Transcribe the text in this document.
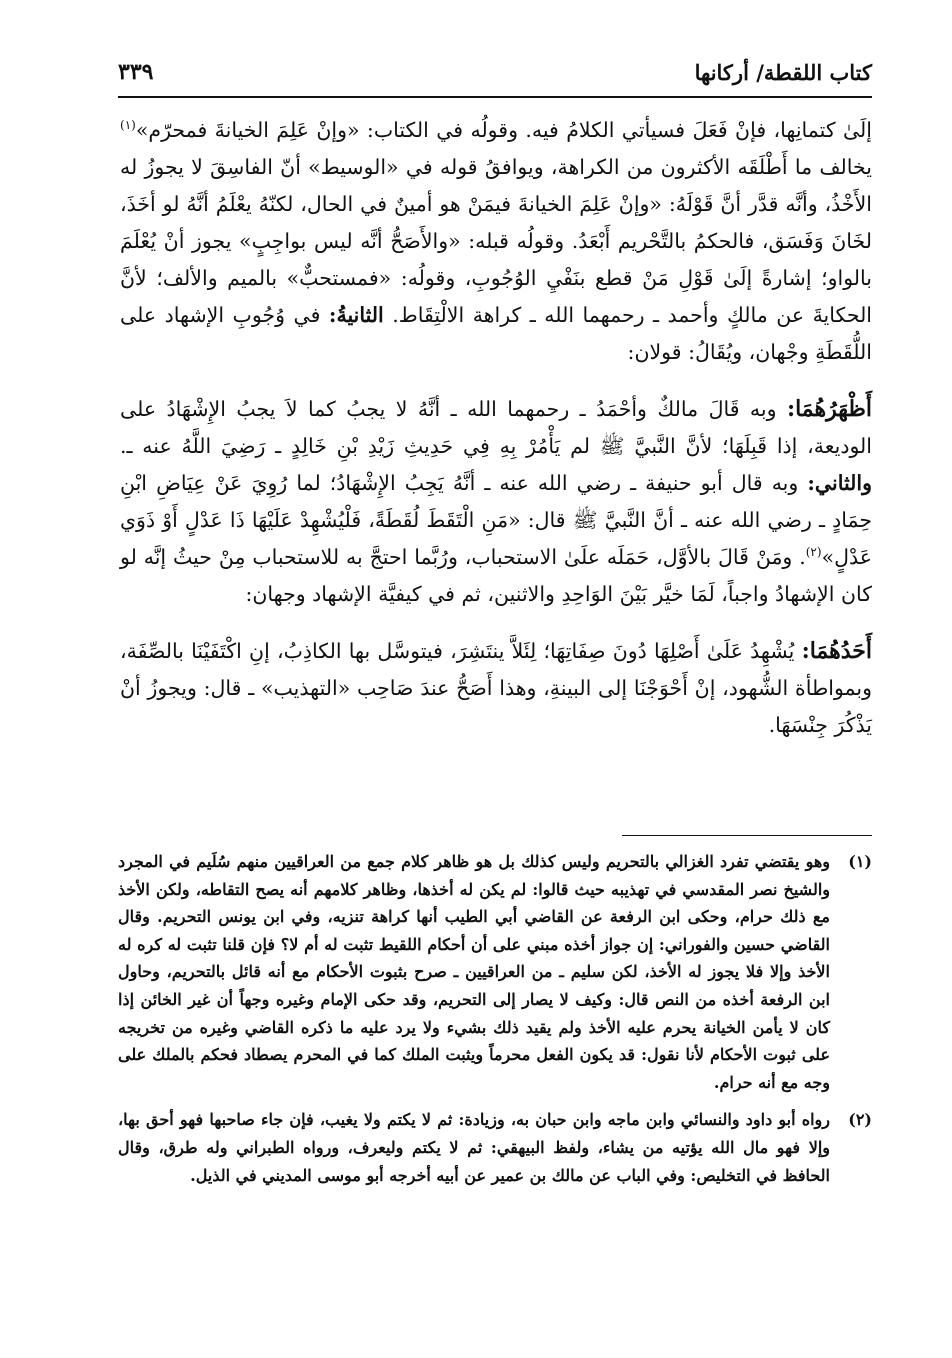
كتاب اللقطة/ أركانها
٣٣٩

إلَىٰ كتمانِها، فإنْ فَعَلَ فسيأتي الكلامُ فيه. وقولُه في الكتاب: «وإنْ عَلِمَ الخيانةَ فمحرّم»$^{(١)}$ يخالف ما أَطْلَقَه الأكثرون من الكراهة، ويوافقُ قوله في «الوسيط» أنّ الفاسِقَ لا يجوزُ له الأَخْذُ، وأنَّه قدَّر أنَّ قَوْلَهُ: «وإنْ عَلِمَ الخيانةَ فيمَنْ هو أمينٌ في الحال، لكنّهُ يعْلَمُ أنَّهُ لو أخَذَ، لخَانَ وَفَسَق، فالحكمُ بالتَّحْريم أَبْعَدُ. وقولُه قبله: «والأَصَحُّ أنَّه ليس بواجِبٍ» يجوز أنْ يُعْلَمَ بالواو؛ إشارةً إلَىٰ قَوْلِ مَنْ قطع بنَفْيِ الوُجُوبِ، وقولُه: «فمستحبٌّ» بالميم والألف؛ لأنَّ الحكايةَ عن مالكٍ وأحمد ـ رحمهما الله ـ كراهة الالْتِقَاط. الثانيةُ: في وُجُوبِ الإشهاد على اللُّقَطَةِ وجْهان، ويُقَالُ: قولان:

أَظْهَرُهُمَا: وبه قَالَ مالكٌ وأحْمَدُ ـ رحمهما الله ـ أنَّهُ لا يجبُ كما لاَ يجبُ الإِشْهَادُ على الوديعة، إذا قَبِلَهَا؛ لأنَّ النَّبيَّ ﷺ لم يَأْمُرْ بِهِ فِي حَدِيثِ زَيْدِ بْنِ خَالِدٍ ـ رَضِيَ اللَّهُ عنه ـ. والثاني: وبه قال أبو حنيفة ـ رضي الله عنه ـ أنَّهُ يَجِبُ الإِشْهَادُ؛ لما رُوِيَ عَنْ عِيَاضِ ابْنِ حِمَادٍ ـ رضي الله عنه ـ أنَّ النَّبيَّ ﷺ قال: «مَنِ الْتَقَطَ لُقَطَةً، فَلْيُشْهِدْ عَلَيْهَا ذَا عَدْلٍ أَوْ ذَوَي عَدْلٍ»$^{(٢)}$. ومَنْ قَالَ بالأوَّل، حَمَلَه علَىٰ الاستحباب، ورُبَّما احتجَّ به للاستحباب مِنْ حيثُ إنَّه لو كان الإشهادُ واجباً، لَمَا خيَّر بَيْنَ الوَاحِدِ والاثنين، ثم في كيفيَّة الإشهاد وجهان:

أَحَدُهُمَا: يُشْهِدُ عَلَىٰ أَصْلِهَا دُونَ صِفَاتِهَا؛ لِئَلاَّ ينتَشِرَ، فيتوسَّل بها الكاذِبُ، إنِ اكْتَفَيْنَا بالصِّفَة، وبمواطأة الشُّهود، إنْ أَحْوَجْنَا إلى البينةِ، وهذا أَصَحُّ عندَ صَاحِب «التهذيب» ـ قال: ويجوزُ أنْ يَذْكُرَ جِنْسَهَا.

(١)
وهو يقتضي تفرد الغزالي بالتحريم وليس كذلك بل هو ظاهر كلام جمع من العراقيين منهم سُلَيم في المجرد والشيخ نصر المقدسي في تهذيبه حيث قالوا: لم يكن له أخذها، وظاهر كلامهم أنه يصح التقاطه، ولكن الأخذ مع ذلك حرام، وحكى ابن الرفعة عن القاضي أبي الطيب أنها كراهة تنزيه، وفي ابن يونس التحريم. وقال القاضي حسين والفوراني: إن جواز أخذه مبني على أن أحكام اللقيط تثبت له أم لا؟ فإن قلنا تثبت له كره له الأخذ وإلا فلا يجوز له الأخذ، لكن سليم ـ من العراقيين ـ صرح بثبوت الأحكام مع أنه قائل بالتحريم، وحاول ابن الرفعة أخذه من النص قال: وكيف لا يصار إلى التحريم، وقد حكى الإمام وغيره وجهاً أن غير الخائن إذا كان لا يأمن الخيانة يحرم عليه الأخذ ولم يقيد ذلك بشيء ولا يرد عليه ما ذكره القاضي وغيره من تخريجه على ثبوت الأحكام لأنا نقول: قد يكون الفعل محرماً ويثبت الملك كما في المحرم يصطاد فحكم بالملك على وجه مع أنه حرام.
(٢)
رواه أبو داود والنسائي وابن ماجه وابن حبان به، وزيادة: ثم لا يكتم ولا يغيب، فإن جاء صاحبها فهو أحق بها، وإلا فهو مال الله يؤتيه من يشاء، ولفظ البيهقي: ثم لا يكتم وليعرف، ورواه الطبراني وله طرق، وقال الحافظ في التخليص: وفي الباب عن مالك بن عمير عن أبيه أخرجه أبو موسى المديني في الذيل.
